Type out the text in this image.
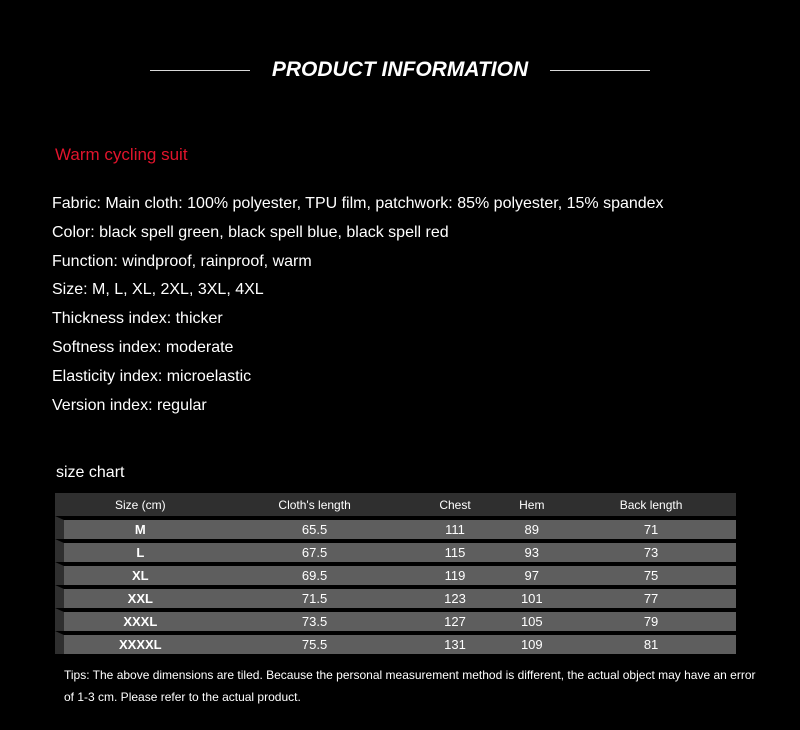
PRODUCT INFORMATION
Warm cycling suit
Fabric: Main cloth: 100% polyester, TPU film, patchwork: 85% polyester, 15% spandex
Color: black spell green, black spell blue, black spell red
Function: windproof, rainproof, warm
Size: M, L, XL, 2XL, 3XL, 4XL
Thickness index: thicker
Softness index: moderate
Elasticity index: microelastic
Version index: regular
size chart
Size (cm)	Cloth's length	Chest	Hem	Back length
M	65.5	111	89	71
L	67.5	115	93	73
XL	69.5	119	97	75
XXL	71.5	123	101	77
XXXL	73.5	127	105	79
XXXXL	75.5	131	109	81
Tips: The above dimensions are tiled. Because the personal measurement method is different, the actual object may have an error of 1-3 cm. Please refer to the actual product.
